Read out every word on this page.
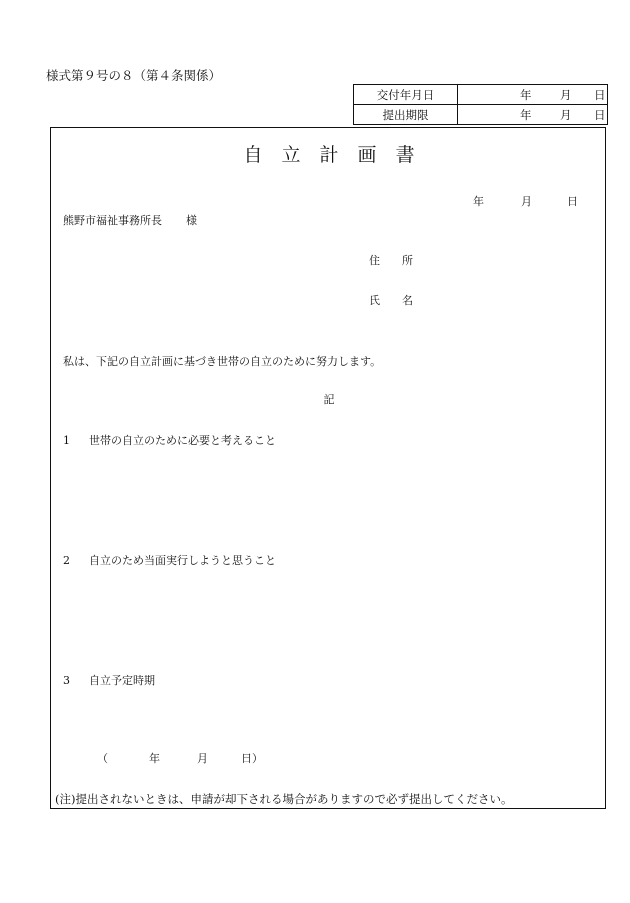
様式第９号の８（第４条関係）
交付年月日	年 月 日

提出期限	年 月 日
自立計画書
年	月	日
熊野市福祉事務所長 様
住 所
氏 名
私は、下記の自立計画に基づき世帯の自立のために努力します。
記
1 世帯の自立のために必要と考えること
2 自立のため当面実行しようと思うこと
3 自立予定時期
（	年	月	日）
(注)提出されないときは、申請が却下される場合がありますので必ず提出してください。
